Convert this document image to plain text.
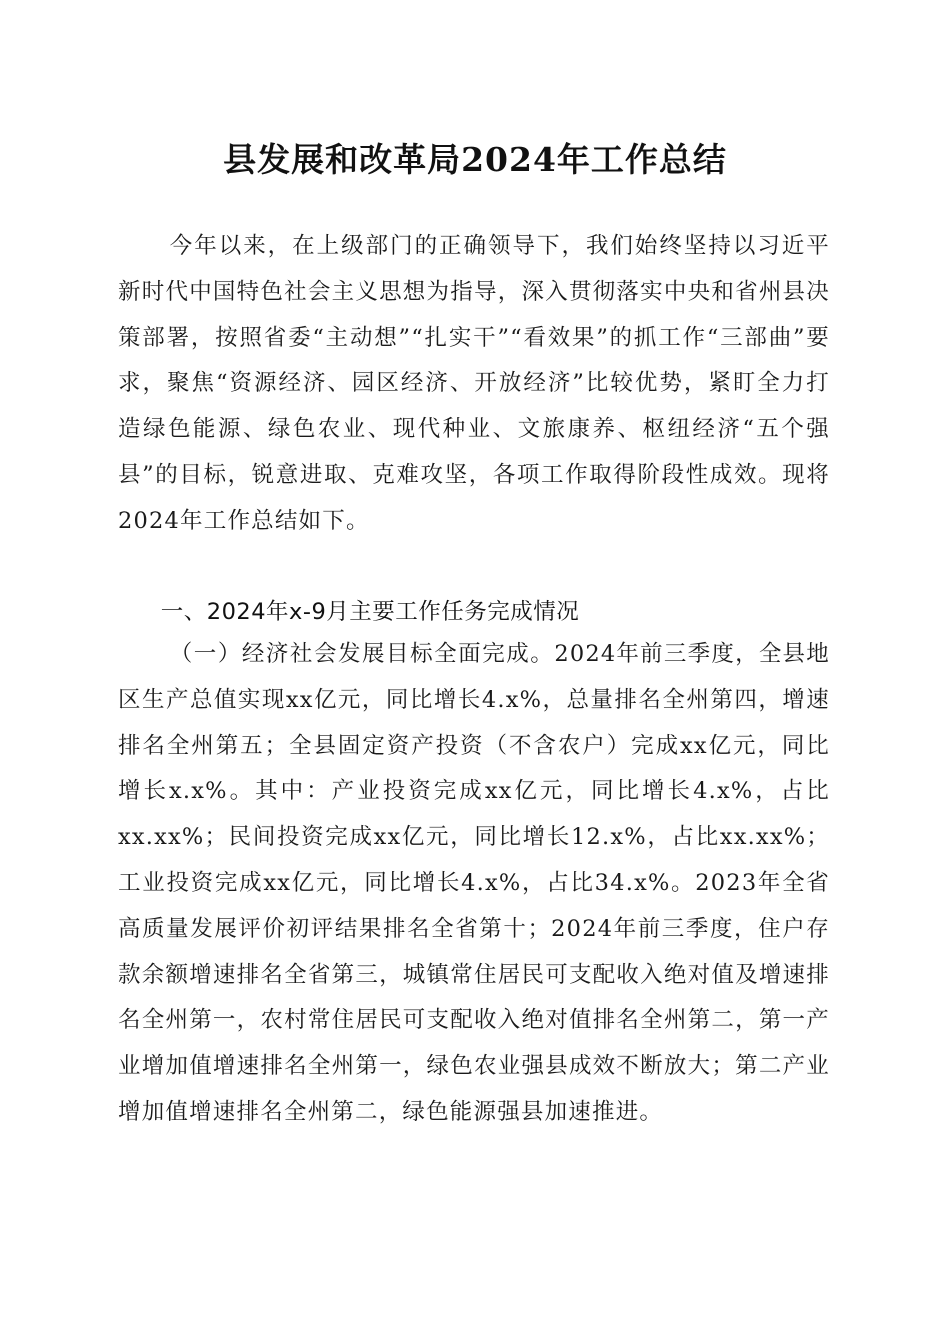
县发展和改革局2024年工作总结

今年以来，在上级部门的正确领导下，我们始终坚持以习近平新时代中国特色社会主义思想为指导，深入贯彻落实中央和省州县决策部署，按照省委“主动想”“扎实干”“看效果”的抓工作“三部曲”要求，聚焦“资源经济、园区经济、开放经济”比较优势，紧盯全力打造绿色能源、绿色农业、现代种业、文旅康养、枢纽经济“五个强县”的目标，锐意进取、克难攻坚，各项工作取得阶段性成效。现将2024年工作总结如下。

一、2024年x-9月主要工作任务完成情况

（一）经济社会发展目标全面完成。2024年前三季度，全县地区生产总值实现xx亿元，同比增长4.x%，总量排名全州第四，增速排名全州第五；全县固定资产投资（不含农户）完成xx亿元，同比增长x.x%。其中：产业投资完成xx亿元，同比增长4.x%，占比xx.xx%；民间投资完成xx亿元，同比增长12.x%，占比xx.xx%；工业投资完成xx亿元，同比增长4.x%，占比34.x%。2023年全省高质量发展评价初评结果排名全省第十；2024年前三季度，住户存款余额增速排名全省第三，城镇常住居民可支配收入绝对值及增速排名全州第一，农村常住居民可支配收入绝对值排名全州第二，第一产业增加值增速排名全州第一，绿色农业强县成效不断放大；第二产业增加值增速排名全州第二，绿色能源强县加速推进。
